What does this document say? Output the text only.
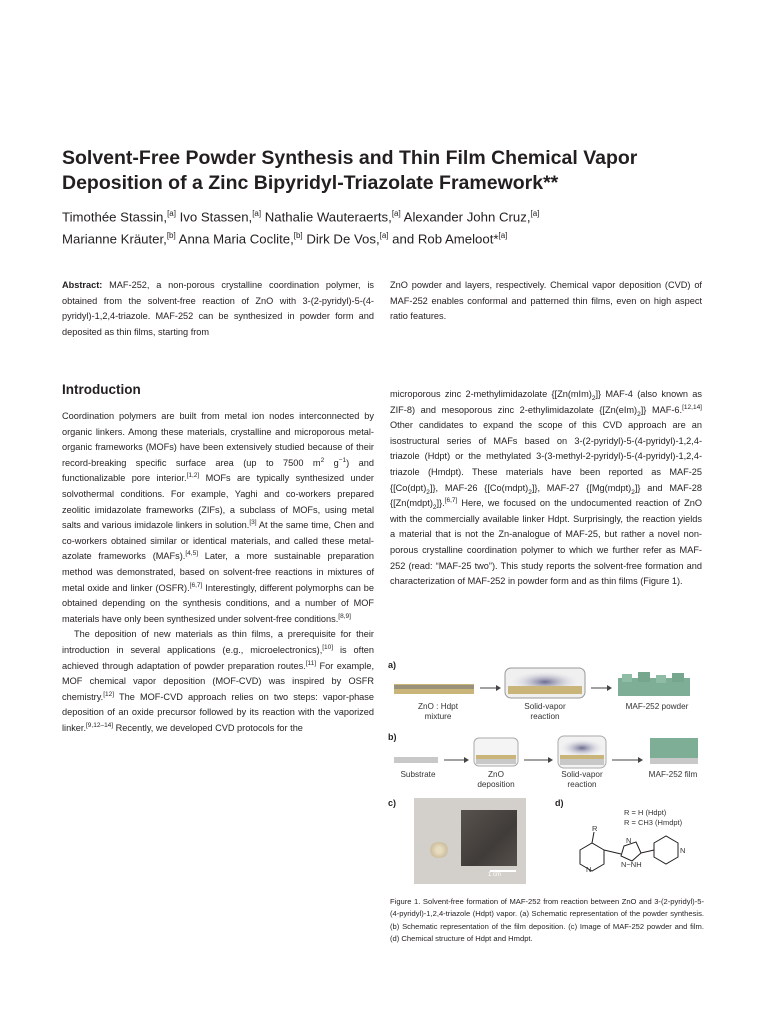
Solvent-Free Powder Synthesis and Thin Film Chemical Vapor Deposition of a Zinc Bipyridyl-Triazolate Framework**
Timothée Stassin,[a] Ivo Stassen,[a] Nathalie Wauteraerts,[a] Alexander John Cruz,[a]
Marianne Kräuter,[b] Anna Maria Coclite,[b] Dirk De Vos,[a] and Rob Ameloot*[a]

Abstract: MAF-252, a non-porous crystalline coordination polymer, is obtained from the solvent-free reaction of ZnO with 3-(2-pyridyl)-5-(4-pyridyl)-1,2,4-triazole. MAF-252 can be synthesized in powder form and deposited as thin films, starting from

ZnO powder and layers, respectively. Chemical vapor deposition (CVD) of MAF-252 enables conformal and patterned thin films, even on high aspect ratio features.

Introduction

Coordination polymers are built from metal ion nodes interconnected by organic linkers. Among these materials, crystalline and microporous metal-organic frameworks (MOFs) have been extensively studied because of their record-breaking specific surface area (up to 7500 $m^2$ $g^{-1}$) and functionalizable pore interior.[1,2] MOFs are typically synthesized under solvothermal conditions. For example, Yaghi and co-workers prepared zeolitic imidazolate frameworks (ZIFs), a subclass of MOFs, using metal salts and various imidazole linkers in solution.[3] At the same time, Chen and co-workers obtained similar or identical materials, and called these metal-azolate frameworks (MAFs).[4,5] Later, a more sustainable preparation method was demonstrated, based on solvent-free reactions in mixtures of metal oxide and linker (OSFR).[6,7] Interestingly, different polymorphs can be obtained depending on the synthesis conditions, and a number of MOF materials have only been synthesized under solvent-free conditions.[8,9]

The deposition of new materials as thin films, a prerequisite for their introduction in several applications (e.g., microelectronics),[10] is often achieved through adaptation of powder preparation routes.[11] For example, MOF chemical vapor deposition (MOF-CVD) was inspired by OSFR chemistry.[12] The MOF-CVD approach relies on two steps: vapor-phase deposition of an oxide precursor followed by its reaction with the vaporized linker.[9,12–14] Recently, we developed CVD protocols for the

microporous zinc 2-methylimidazolate $\{[Zn(mIm)_2]\}$ MAF-4 (also known as ZIF-8) and mesoporous zinc 2-ethylimidazolate $\{[Zn(eIm)_2]\}$ MAF-6.[12,14] Other candidates to expand the scope of this CVD approach are an isostructural series of MAFs based on 3-(2-pyridyl)-5-(4-pyridyl)-1,2,4-triazole (Hdpt) or the methylated 3-(3-methyl-2-pyridyl)-5-(4-pyridyl)-1,2,4-triazole (Hmdpt). These materials have been reported as MAF-25 $\{[Co(dpt)_2]\}$, MAF-26 $\{[Co(mdpt)_2]\}$, MAF-27 $\{[Mg(mdpt)_2]\}$ and MAF-28 $\{[Zn(mdpt)_2]\}.[6,7]$ Here, we focused on the undocumented reaction of ZnO with the commercially available linker Hdpt. Surprisingly, the reaction yields a material that is not the Zn-analogue of MAF-25, but rather a novel non-porous crystalline coordination polymer to which we further refer as MAF-252 (read: “MAF-25 two”). This study reports the solvent-free formation and characterization of MAF-252 in powder form and as thin films (Figure 1).

a)
b)
c)	d)
ZnO : Hdpt
mixture
Solid-vapor
reaction
MAF-252 powder
Substrate	ZnO
deposition
Solid-vapor
reaction
MAF-252 film
1 cm
R = H (Hdpt)
R = CH3 (Hmdpt)
R
N
N
N−NH
N

Figure 1. Solvent-free formation of MAF-252 from reaction between ZnO and 3-(2-pyridyl)-5-(4-pyridyl)-1,2,4-triazole (Hdpt) vapor. (a) Schematic representation of the powder synthesis. (b) Schematic representation of the film deposition. (c) Image of MAF-252 powder and film. (d) Chemical structure of Hdpt and Hmdpt.
